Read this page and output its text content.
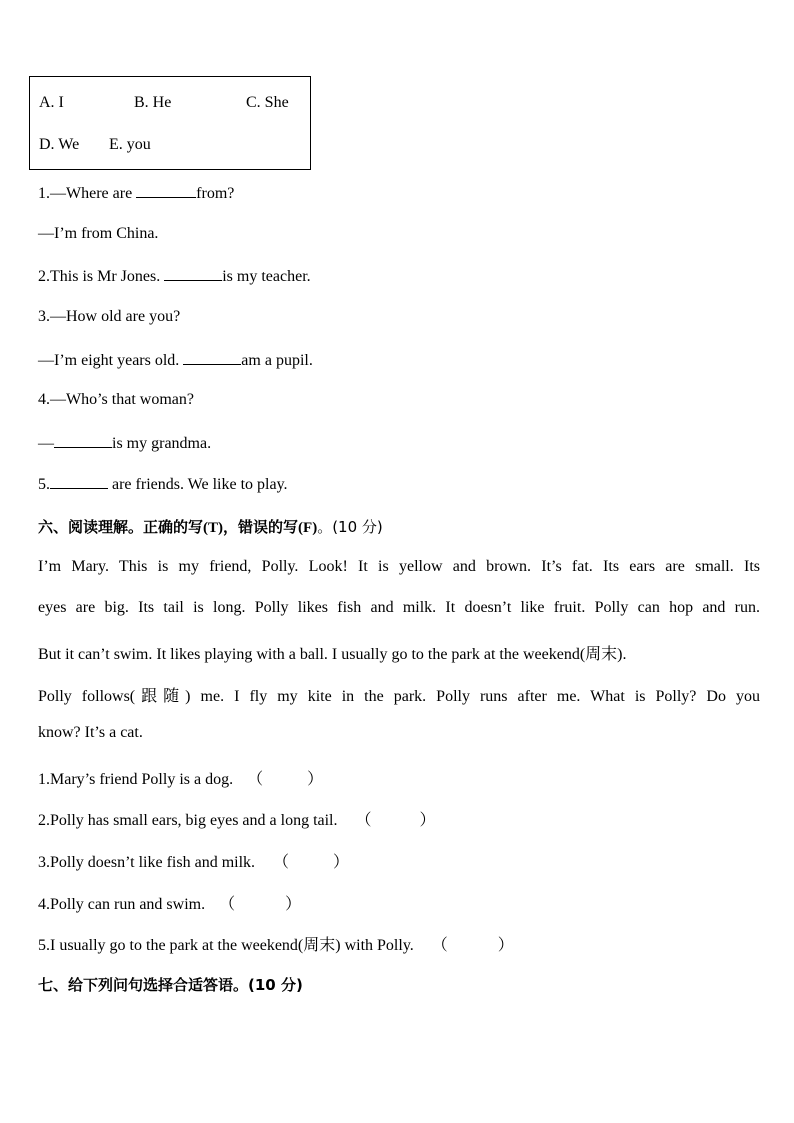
A. I	B. He	C. She
D. We E. you
1.—Where are	from?
—I’m from China.
2.This is Mr Jones.	is my teacher.
3.—How old are you?
—I’m eight years old.	am a pupil.
4.—Who’s that woman?
—	is my grandma.
5.	are friends. We like to play.
六、阅读理解。正确的写(T)，错误的写(F)。(10 分)
I’m Mary. This is my friend, Polly. Look! It is yellow and brown. It’s fat. Its ears are small. Its
eyes are big. Its tail is long. Polly likes fish and milk. It doesn’t like fruit. Polly can hop and run.
But it can’t swim. It likes playing with a ball. I usually go to the park at the weekend(周末).
Polly follows(跟随) me. I fly my kite in the park. Polly runs after me. What is Polly? Do you
know? It’s a cat.
1.Mary’s friend Polly is a dog. （	）
2.Polly has small ears, big eyes and a long tail. （	）
3.Polly doesn’t like fish and milk. （	）
4.Polly can run and swim. （	）
5.I usually go to the park at the weekend(周末) with Polly. （	）
七、给下列问句选择合适答语。(10 分)
